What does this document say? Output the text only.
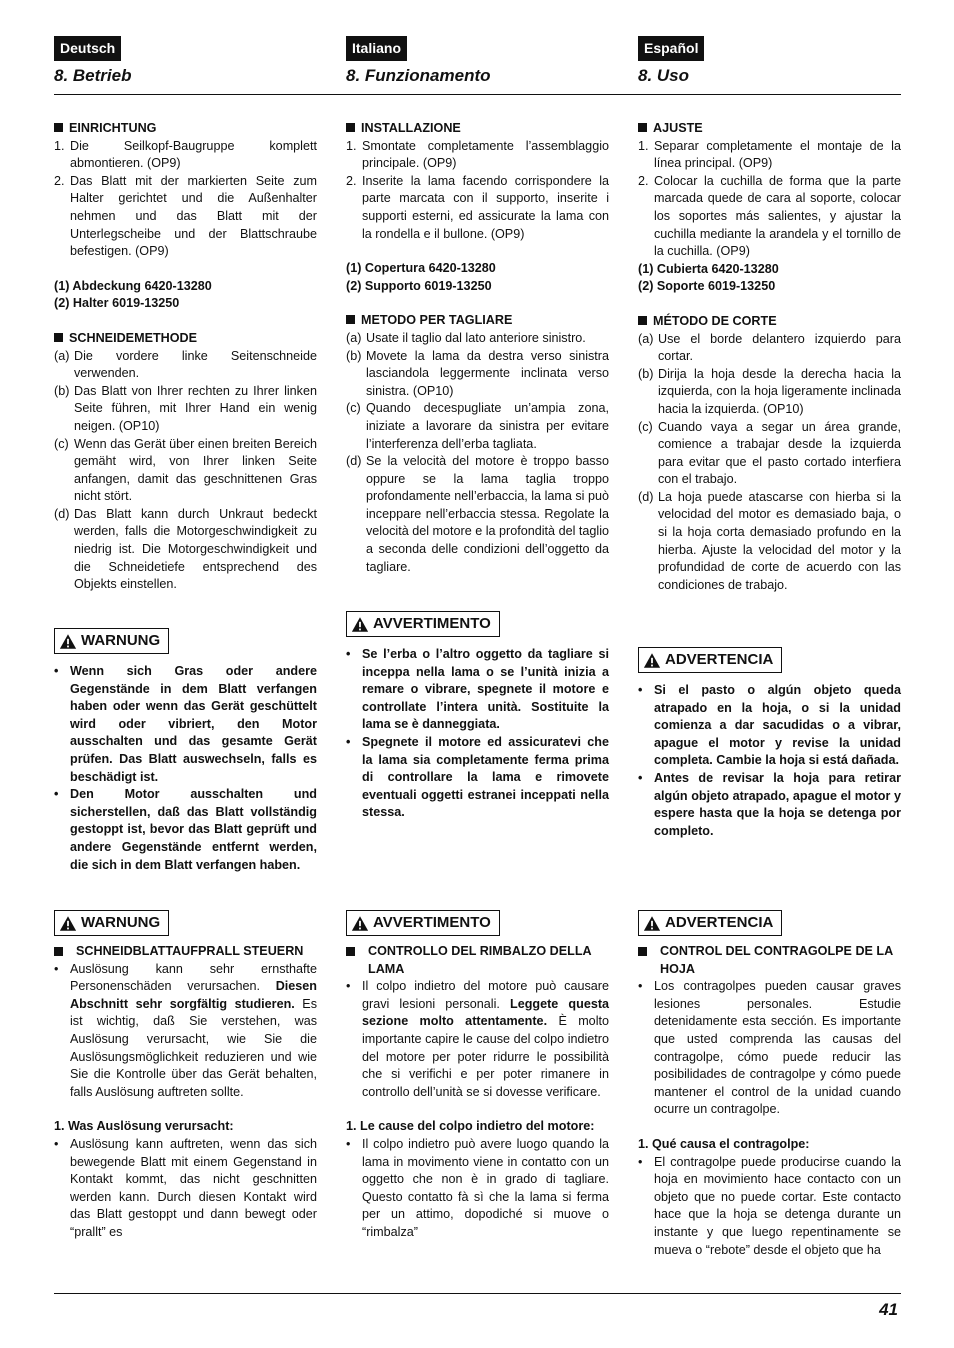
Deutsch
8. Betrieb
EINRICHTUNG
1. Die Seilkopf-Baugruppe komplett abmontieren. (OP9)
2. Das Blatt mit der markierten Seite zum Halter gerichtet und die Außenhalter nehmen und das Blatt mit der Unterlegscheibe und der Blattschraube befestigen. (OP9)
(1) Abdeckung 6420-13280
(2) Halter 6019-13250
SCHNEIDEMETHODE
(a) Die vordere linke Seitenschneide verwenden.
(b) Das Blatt von Ihrer rechten zu Ihrer linken Seite führen, mit Ihrer Hand ein wenig neigen. (OP10)
(c) Wenn das Gerät über einen breiten Bereich gemäht wird, von Ihrer linken Seite anfangen, damit das geschnittenen Gras nicht stört.
(d) Das Blatt kann durch Unkraut bedeckt werden, falls die Motorgeschwindigkeit zu niedrig ist. Die Motorgeschwindigkeit und die Schneidetiefe entsprechend des Objekts einstellen.
WARNUNG
• Wenn sich Gras oder andere Gegenstände in dem Blatt verfangen haben oder wenn das Gerät geschüttelt wird oder vibriert, den Motor ausschalten und das gesamte Gerät prüfen. Das Blatt auswechseln, falls es beschädigt ist.
• Den Motor ausschalten und sicherstellen, daß das Blatt vollständig gestoppt ist, bevor das Blatt geprüft und andere Gegenstände entfernt werden, die sich in dem Blatt verfangen haben.
WARNUNG
SCHNEIDBLATTAUFPRALL STEUERN
• Auslösung kann sehr ernsthafte Personenschäden verursachen. Diesen Abschnitt sehr sorgfältig studieren. Es ist wichtig, daß Sie verstehen, was Auslösung verursacht, wie Sie die Auslösungsmöglichkeit reduzieren und wie Sie die Kontrolle über das Gerät behalten, falls Auslösung auftreten sollte.
1. Was Auslösung verursacht:
• Auslösung kann auftreten, wenn das sich bewegende Blatt mit einem Gegenstand in Kontakt kommt, das nicht geschnitten werden kann. Durch diesen Kontakt wird das Blatt gestoppt und dann bewegt oder “prallt” es
Italiano
8. Funzionamento
INSTALLAZIONE
1. Smontate completamente l’assemblaggio principale. (OP9)
2. Inserite la lama facendo corrispondere la parte marcata con il supporto, inserite i supporti esterni, ed assicurate la lama con la rondella e il bullone. (OP9)
(1) Copertura 6420-13280
(2) Supporto 6019-13250
METODO PER TAGLIARE
(a) Usate il taglio dal lato anteriore sinistro.
(b) Movete la lama da destra verso sinistra lasciandola leggermente inclinata verso sinistra. (OP10)
(c) Quando decespugliate un’ampia zona, iniziate a lavorare da sinistra per evitare l’interferenza dell’erba tagliata.
(d) Se la velocità del motore è troppo basso oppure se la lama taglia troppo profondamente nell’erbaccia, la lama si può inceppare nell’erbaccia stessa. Regolate la velocità del motore e la profondità del taglio a seconda delle condizioni dell’oggetto da tagliare.
AVVERTIMENTO
• Se l’erba o l’altro oggetto da tagliare si inceppa nella lama o se l’unità inizia a remare o vibrare, spegnete il motore e controllate l’intera unità. Sostituite la lama se è danneggiata.
• Spegnete il motore ed assicuratevi che la lama sia completamente ferma prima di controllare la lama e rimovete eventuali oggetti estranei inceppati nella stessa.
AVVERTIMENTO
CONTROLLO DEL RIMBALZO DELLA LAMA
• Il colpo indietro del motore può causare gravi lesioni personali. Leggete questa sezione molto attentamente. È molto importante capire le cause del colpo indietro del motore per poter ridurre le possibilità che si verifichi e per poter rimanere in controllo dell’unità se si dovesse verificare.
1. Le cause del colpo indietro del motore:
• Il colpo indietro può avere luogo quando la lama in movimento viene in contatto con un oggetto che non è in grado di tagliare. Questo contatto fà sì che la lama si ferma per un attimo, dopodiché si muove o “rimbalza”
Español
8. Uso
AJUSTE
1. Separar completamente el montaje de la línea principal. (OP9)
2. Colocar la cuchilla de forma que la parte marcada quede de cara al soporte, colocar los soportes más salientes, y ajustar la cuchilla mediante la arandela y el tornillo de la cuchilla. (OP9)
(1) Cubierta 6420-13280
(2) Soporte 6019-13250
MÉTODO DE CORTE
(a) Use el borde delantero izquierdo para cortar.
(b) Dirija la hoja desde la derecha hacia la izquierda, con la hoja ligeramente inclinada hacia la izquierda. (OP10)
(c) Cuando vaya a segar un área grande, comience a trabajar desde la izquierda para evitar que el pasto cortado interfiera con el trabajo.
(d) La hoja puede atascarse con hierba si la velocidad del motor es demasiado baja, o si la hoja corta demasiado profundo en la hierba. Ajuste la velocidad del motor y la profundidad de corte de acuerdo con las condiciones de trabajo.
ADVERTENCIA
• Si el pasto o algún objeto queda atrapado en la hoja, o si la unidad comienza a dar sacudidas o a vibrar, apague el motor y revise la unidad completa. Cambie la hoja si está dañada.
• Antes de revisar la hoja para retirar algún objeto atrapado, apague el motor y espere hasta que la hoja se detenga por completo.
ADVERTENCIA
CONTROL DEL CONTRAGOLPE DE LA HOJA
• Los contragolpes pueden causar graves lesiones personales. Estudie detenidamente esta sección. Es importante que usted comprenda las causas del contragolpe, cómo puede reducir las posibilidades de contragolpe y cómo puede mantener el control de la unidad cuando ocurre un contragolpe.
1. Qué causa el contragolpe:
• El contragolpe puede producirse cuando la hoja en movimiento hace contacto con un objeto que no puede cortar. Este contacto hace que la hoja se detenga durante un instante y que luego repentinamente se mueva o “rebote” desde el objeto que ha
41
